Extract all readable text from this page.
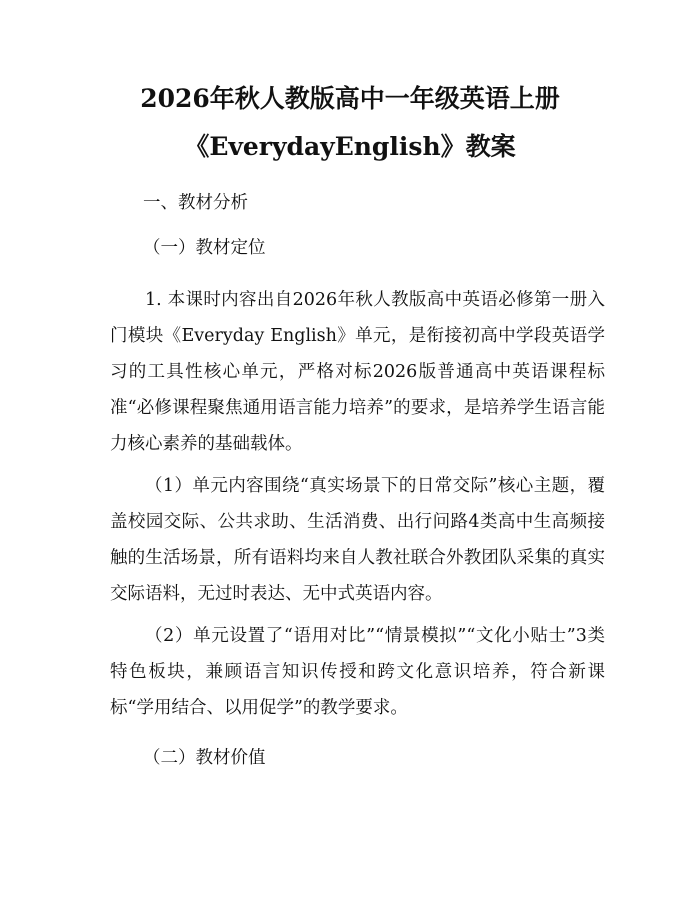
2026年秋人教版高中一年级英语上册
《EverydayEnglish》教案
一、教材分析
（一）教材定位
1. 本课时内容出自2026年秋人教版高中英语必修第一册入门模块《Everyday English》单元，是衔接初高中学段英语学习的工具性核心单元，严格对标2026版普通高中英语课程标准“必修课程聚焦通用语言能力培养”的要求，是培养学生语言能力核心素养的基础载体。
（1）单元内容围绕“真实场景下的日常交际”核心主题，覆盖校园交际、公共求助、生活消费、出行问路4类高中生高频接触的生活场景，所有语料均来自人教社联合外教团队采集的真实交际语料，无过时表达、无中式英语内容。
（2）单元设置了“语用对比”“情景模拟”“文化小贴士”3类特色板块，兼顾语言知识传授和跨文化意识培养，符合新课标“学用结合、以用促学”的教学要求。
（二）教材价值
